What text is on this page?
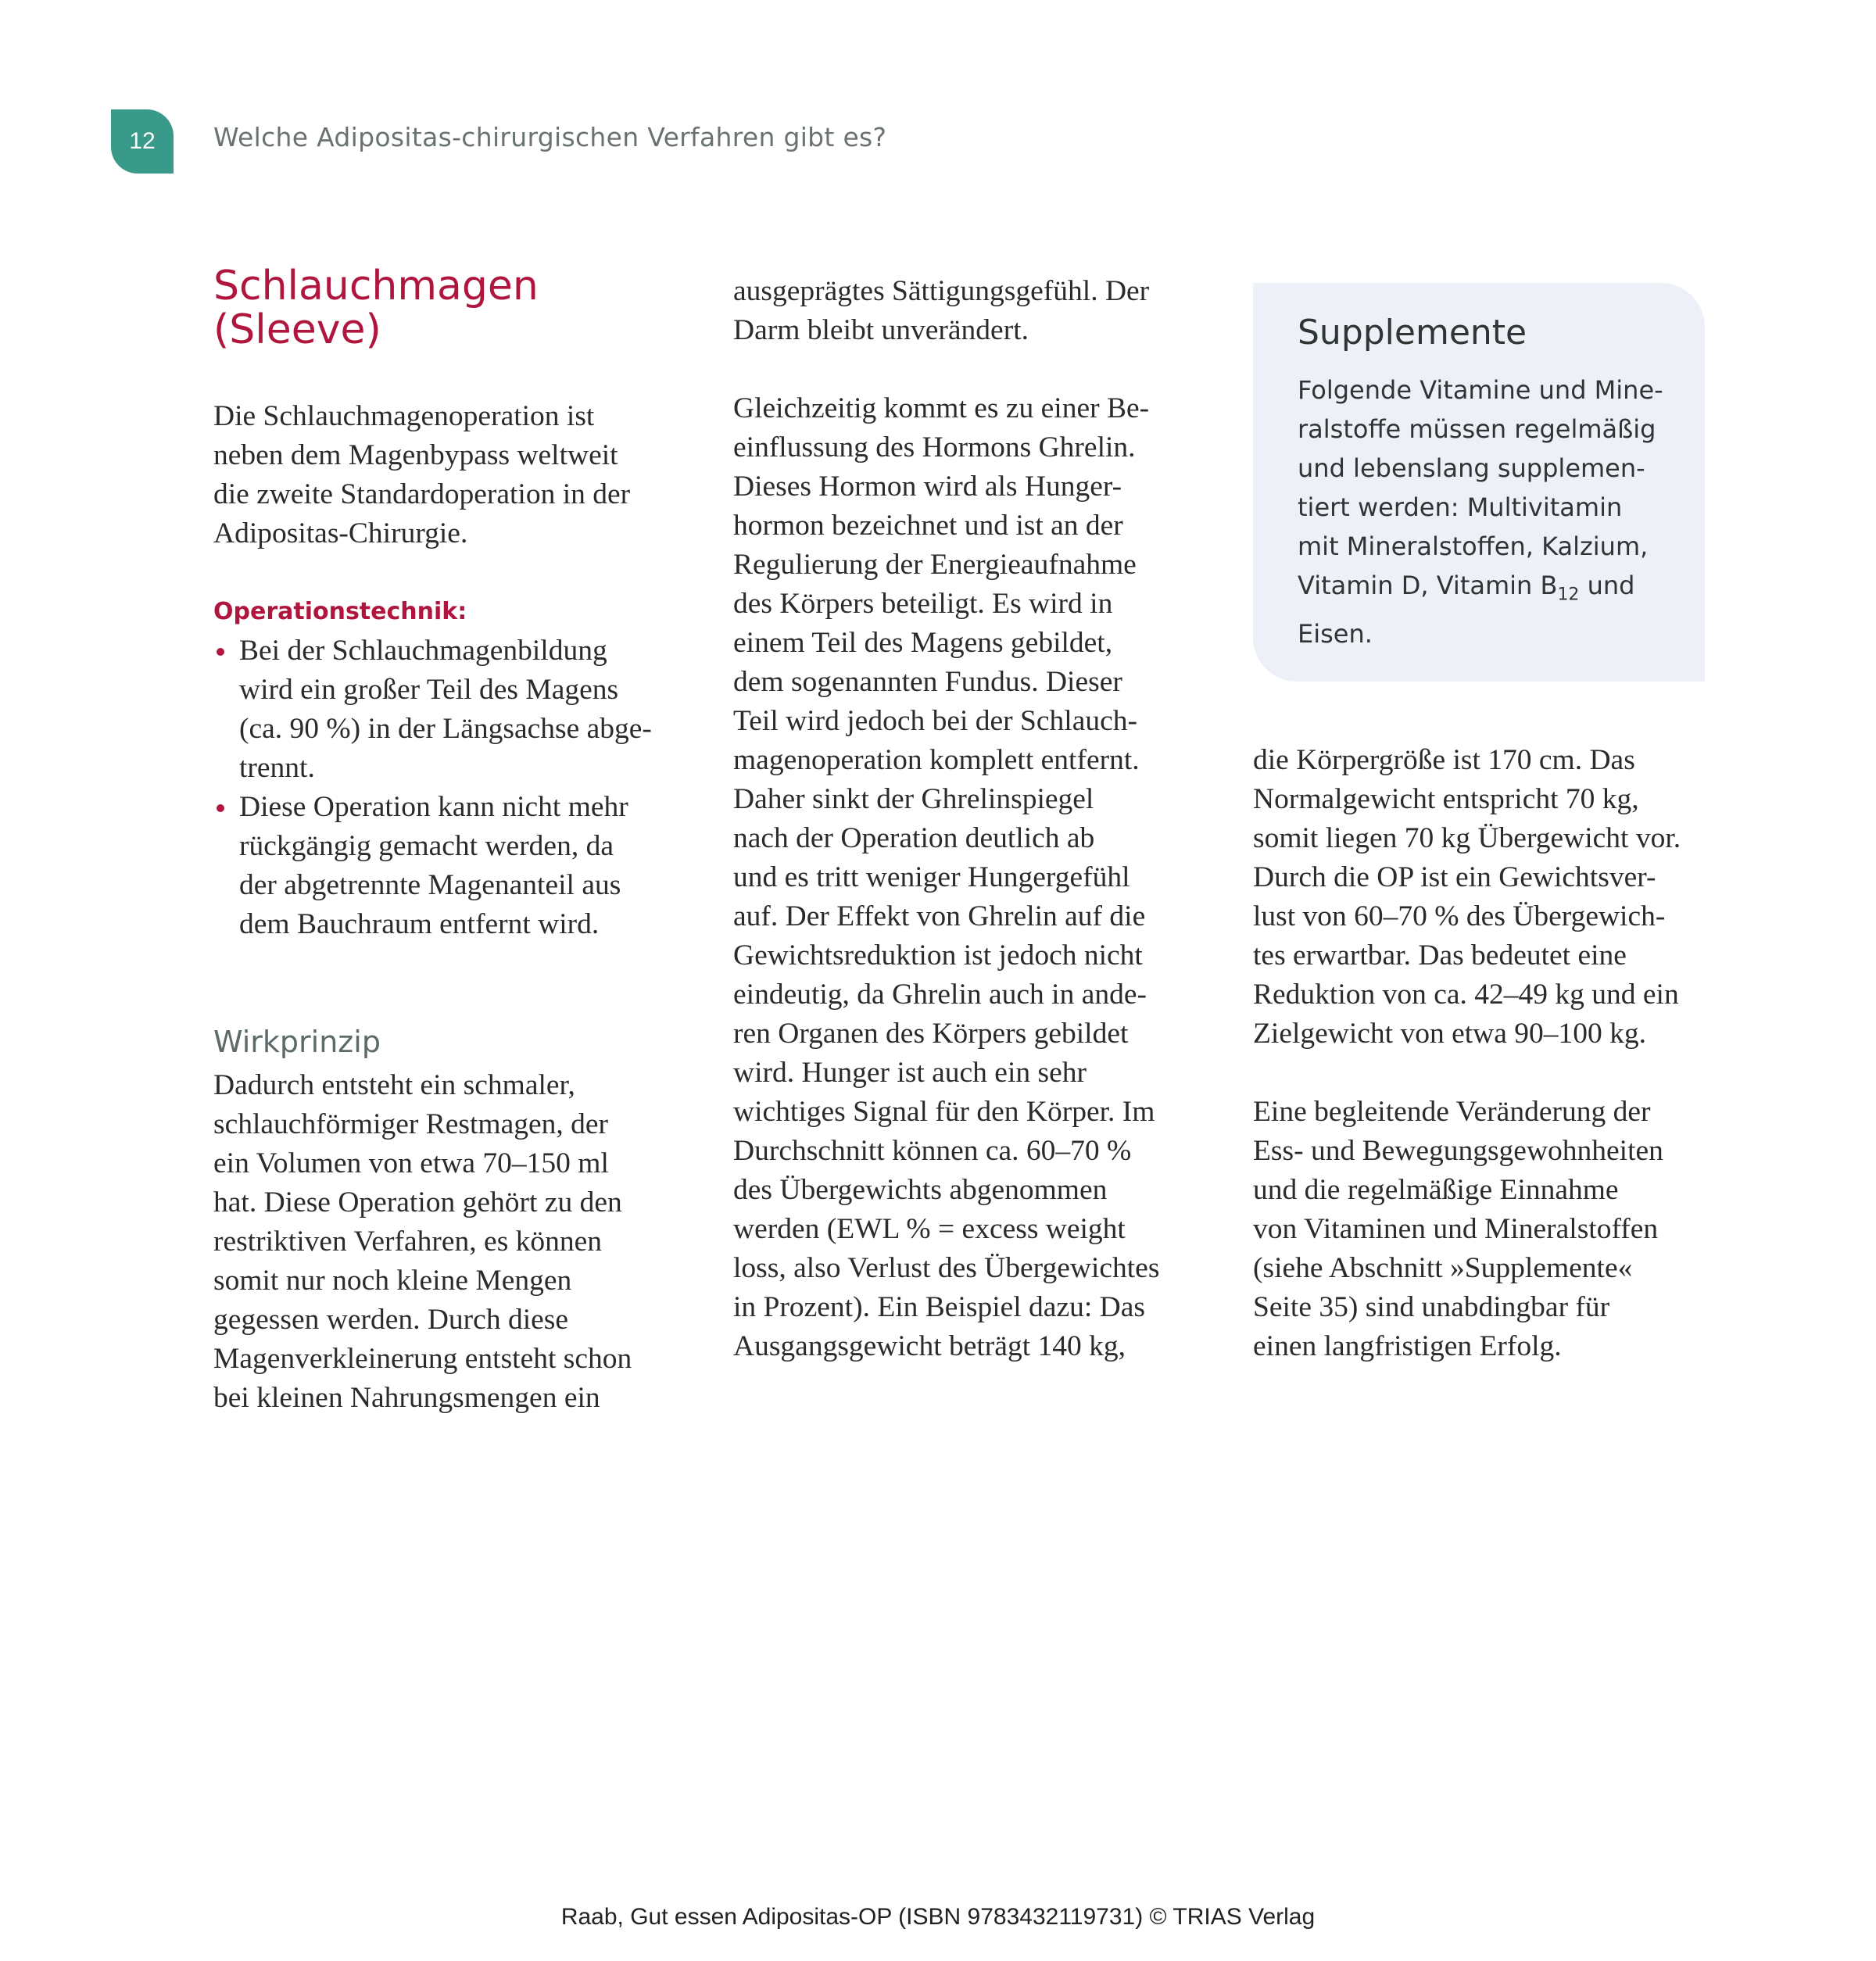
12 Welche Adipositas-chirurgischen Verfahren gibt es?
Schlauchmagen (Sleeve)

Die Schlauchmagenoperation ist
neben dem Magenbypass weltweit
die zweite Standardoperation in der
Adipositas-Chirurgie.

Operationstechnik:
Bei der Schlauchmagenbildung
wird ein großer Teil des Magens
(ca. 90 %) in der Längsachse abge-
trennt.
Diese Operation kann nicht mehr
rückgängig gemacht werden, da
der abgetrennte Magenanteil aus
dem Bauchraum entfernt wird.
Wirkprinzip

Dadurch entsteht ein schmaler,
schlauchförmiger Restmagen, der
ein Volumen von etwa 70–150 ml
hat. Diese Operation gehört zu den
restriktiven Verfahren, es können
somit nur noch kleine Mengen
gegessen werden. Durch diese
Magenverkleinerung entsteht schon
bei kleinen Nahrungsmengen ein

ausgeprägtes Sättigungsgefühl. Der
Darm bleibt unverändert.

Gleichzeitig kommt es zu einer Be-
einflussung des Hormons Ghrelin.
Dieses Hormon wird als Hunger-
hormon bezeichnet und ist an der
Regulierung der Energieaufnahme
des Körpers beteiligt. Es wird in
einem Teil des Magens gebildet,
dem sogenannten Fundus. Dieser
Teil wird jedoch bei der Schlauch-
magenoperation komplett entfernt.
Daher sinkt der Ghrelinspiegel
nach der Operation deutlich ab
und es tritt weniger Hungergefühl
auf. Der Effekt von Ghrelin auf die
Gewichtsreduktion ist jedoch nicht
eindeutig, da Ghrelin auch in ande-
ren Organen des Körpers gebildet
wird. Hunger ist auch ein sehr
wichtiges Signal für den Körper. Im
Durchschnitt können ca. 60–70 %
des Übergewichts abgenommen
werden (EWL % = excess weight
loss, also Verlust des Übergewichtes
in Prozent). Ein Beispiel dazu: Das
Ausgangsgewicht beträgt 140 kg,

Supplemente

Folgende Vitamine und Mine-
ralstoffe müssen regelmäßig
und lebenslang supplemen-
tiert werden: Multivitamin
mit Mineralstoffen, Kalzium,
Vitamin D, Vitamin $B_{12}$ und
Eisen.

die Körpergröße ist 170 cm. Das
Normalgewicht entspricht 70 kg,
somit liegen 70 kg Übergewicht vor.
Durch die OP ist ein Gewichtsver-
lust von 60–70 % des Übergewich-
tes erwartbar. Das bedeutet eine
Reduktion von ca. 42–49 kg und ein
Zielgewicht von etwa 90–100 kg.

Eine begleitende Veränderung der
Ess- und Bewegungsgewohnheiten
und die regelmäßige Einnahme
von Vitaminen und Mineralstoffen
(siehe Abschnitt »Supplemente«
Seite 35) sind unabdingbar für
einen langfristigen Erfolg.

Raab, Gut essen Adipositas-OP (ISBN 9783432119731) © TRIAS Verlag
